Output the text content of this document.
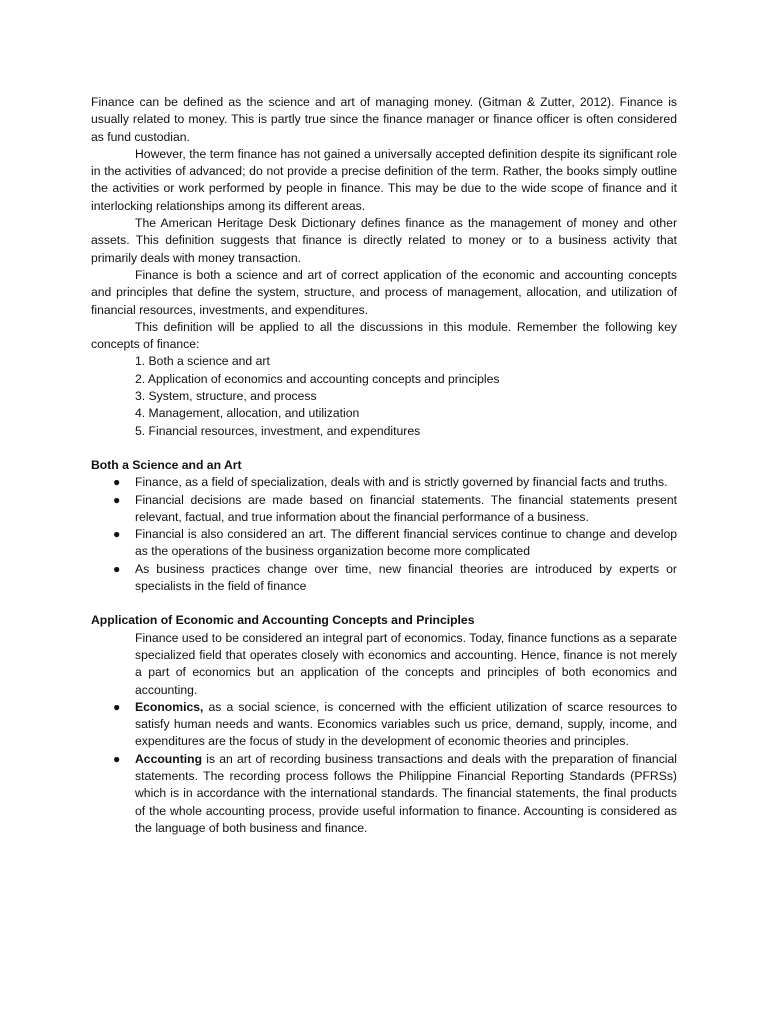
Finance can be defined as the science and art of managing money. (Gitman & Zutter, 2012). Finance is usually related to money. This is partly true since the finance manager or finance officer is often considered as fund custodian.

However, the term finance has not gained a universally accepted definition despite its significant role in the activities of advanced; do not provide a precise definition of the term. Rather, the books simply outline the activities or work performed by people in finance. This may be due to the wide scope of finance and it interlocking relationships among its different areas.

The American Heritage Desk Dictionary defines finance as the management of money and other assets. This definition suggests that finance is directly related to money or to a business activity that primarily deals with money transaction.

Finance is both a science and art of correct application of the economic and accounting concepts and principles that define the system, structure, and process of management, allocation, and utilization of financial resources, investments, and expenditures.

This definition will be applied to all the discussions in this module. Remember the following key concepts of finance:

1. Both a science and art
2. Application of economics and accounting concepts and principles
3. System, structure, and process
4. Management, allocation, and utilization
5. Financial resources, investment, and expenditures

Both a Science and an Art

● Finance, as a field of specialization, deals with and is strictly governed by financial facts and truths.
● Financial decisions are made based on financial statements. The financial statements present relevant, factual, and true information about the financial performance of a business.
● Financial is also considered an art. The different financial services continue to change and develop as the operations of the business organization become more complicated
● As business practices change over time, new financial theories are introduced by experts or specialists in the field of finance

Application of Economic and Accounting Concepts and Principles

Finance used to be considered an integral part of economics. Today, finance functions as a separate specialized field that operates closely with economics and accounting. Hence, finance is not merely a part of economics but an application of the concepts and principles of both economics and accounting.

● Economics, as a social science, is concerned with the efficient utilization of scarce resources to satisfy human needs and wants. Economics variables such us price, demand, supply, income, and expenditures are the focus of study in the development of economic theories and principles.
● Accounting is an art of recording business transactions and deals with the preparation of financial statements. The recording process follows the Philippine Financial Reporting Standards (PFRSs) which is in accordance with the international standards. The financial statements, the final products of the whole accounting process, provide useful information to finance. Accounting is considered as the language of both business and finance.
